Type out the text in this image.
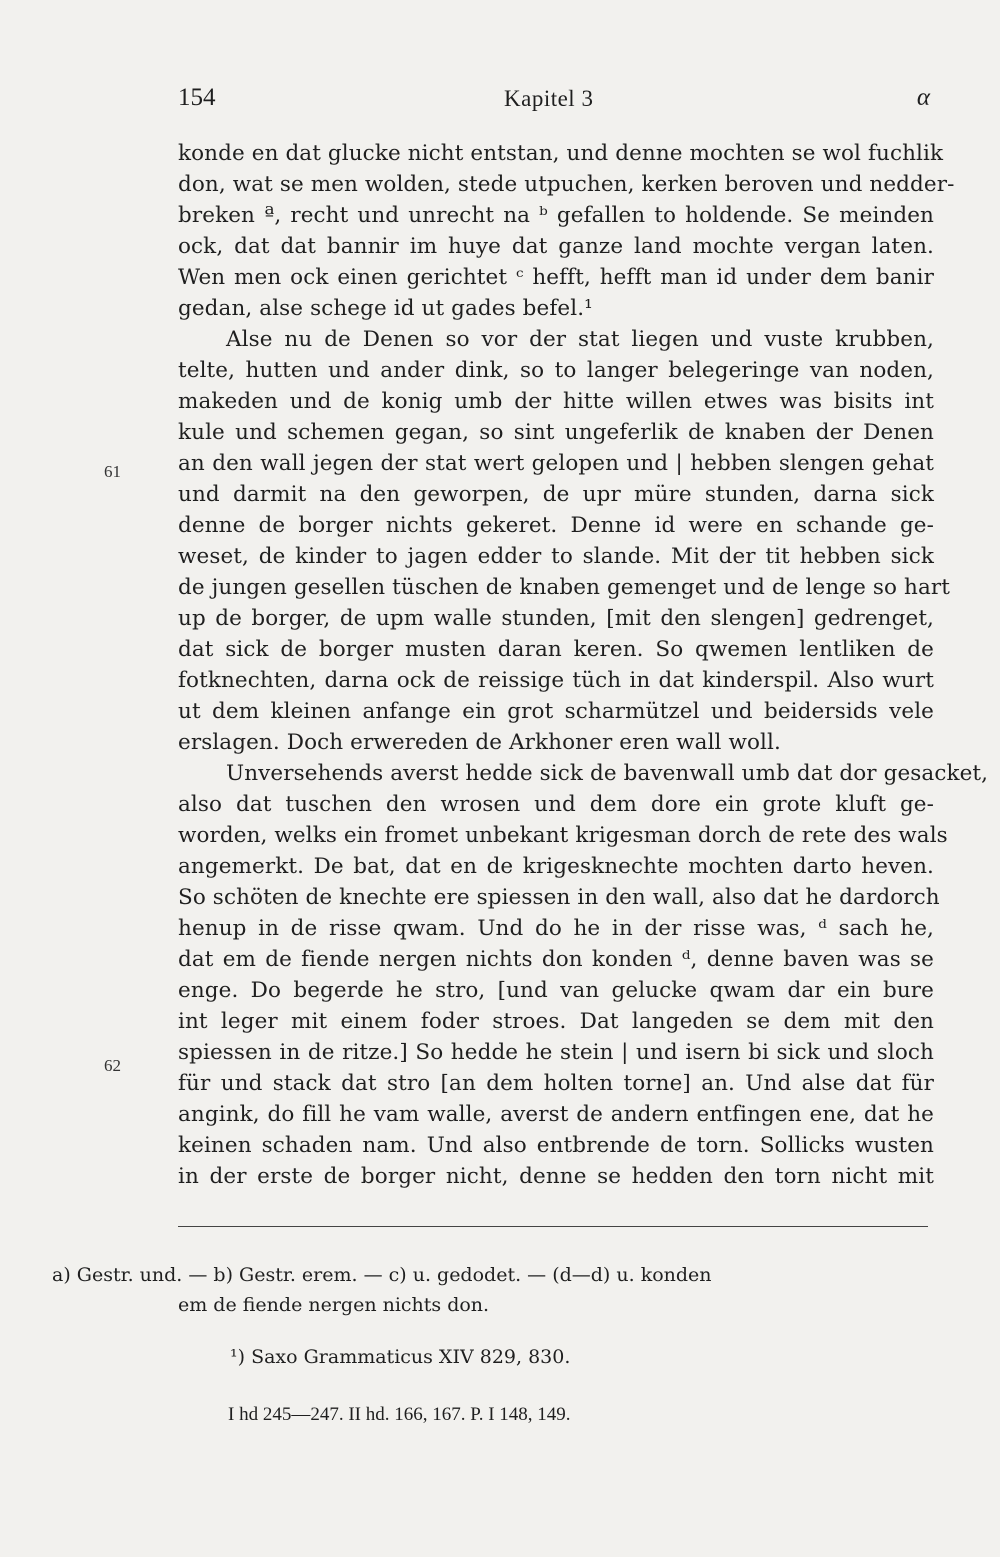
154	Kapitel 3	α
61
62
konde en dat glucke nicht entstan, und denne mochten se wol fuchlik
don, wat se men wolden, stede utpuchen, kerken beroven und nedder-
breken ª, recht und unrecht na ᵇ gefallen to holdende. Se meinden
ock, dat dat bannir im huye dat ganze land mochte vergan laten.
Wen men ock einen gerichtet ᶜ hefft, hefft man id under dem banir
gedan, alse schege id ut gades befel.¹
Alse nu de Denen so vor der stat liegen und vuste krubben,
telte, hutten und ander dink, so to langer belegeringe van noden,
makeden und de konig umb der hitte willen etwes was bisits int
kule und schemen gegan, so sint ungeferlik de knaben der Denen
an den wall jegen der stat wert gelopen und | hebben slengen gehat
und darmit na den geworpen, de upr müre stunden, darna sick
denne de borger nichts gekeret. Denne id were en schande ge-
weset, de kinder to jagen edder to slande. Mit der tit hebben sick
de jungen gesellen tüschen de knaben gemenget und de lenge so hart
up de borger, de upm walle stunden, [mit den slengen] gedrenget,
dat sick de borger musten daran keren. So qwemen lentliken de
fotknechten, darna ock de reissige tüch in dat kinderspil. Also wurt
ut dem kleinen anfange ein grot scharmützel und beidersids vele
erslagen. Doch erwereden de Arkhoner eren wall woll.
Unversehends averst hedde sick de bavenwall umb dat dor gesacket,
also dat tuschen den wrosen und dem dore ein grote kluft ge-
worden, welks ein fromet unbekant krigesman dorch de rete des wals
angemerkt. De bat, dat en de krigesknechte mochten darto heven.
So schöten de knechte ere spiessen in den wall, also dat he dardorch
henup in de risse qwam. Und do he in der risse was, ᵈ sach he,
dat em de fiende nergen nichts don konden ᵈ, denne baven was se
enge. Do begerde he stro, [und van gelucke qwam dar ein bure
int leger mit einem foder stroes. Dat langeden se dem mit den
spiessen in de ritze.] So hedde he stein | und isern bi sick und sloch
für und stack dat stro [an dem holten torne] an. Und alse dat für
angink, do fill he vam walle, averst de andern entfingen ene, dat he
keinen schaden nam. Und also entbrende de torn. Sollicks wusten
in der erste de borger nicht, denne se hedden den torn nicht mit
a) Gestr. und. — b) Gestr. erem. — c) u. gedodet. — (d—d) u. konden
em de fiende nergen nichts don.
¹) Saxo Grammaticus XIV 829, 830.
I hd 245—247. II hd. 166, 167. P. I 148, 149.
